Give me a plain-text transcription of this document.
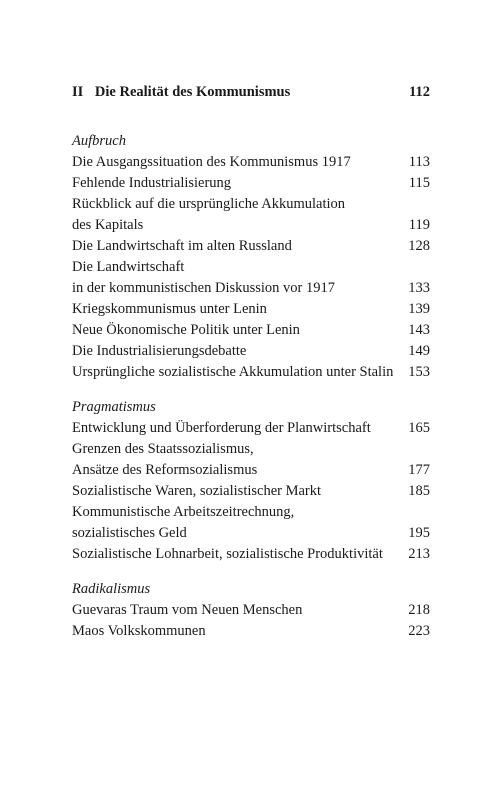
II Die Realität des Kommunismus	112
Aufbruch
Die Ausgangssituation des Kommunismus 1917	113
Fehlende Industrialisierung	115
Rückblick auf die ursprüngliche Akkumulation
des Kapitals	119
Die Landwirtschaft im alten Russland	128
Die Landwirtschaft
in der kommunistischen Diskussion vor 1917	133
Kriegskommunismus unter Lenin	139
Neue Ökonomische Politik unter Lenin	143
Die Industrialisierungsdebatte	149
Ursprüngliche sozialistische Akkumulation unter Stalin 153
Pragmatismus
Entwicklung und Überforderung der Planwirtschaft	165
Grenzen des Staatssozialismus,
Ansätze des Reformsozialismus	177
Sozialistische Waren, sozialistischer Markt	185
Kommunistische Arbeitszeitrechnung,
sozialistisches Geld	195
Sozialistische Lohnarbeit, sozialistische Produktivität 213
Radikalismus
Guevaras Traum vom Neuen Menschen	218
Maos Volkskommunen	223
